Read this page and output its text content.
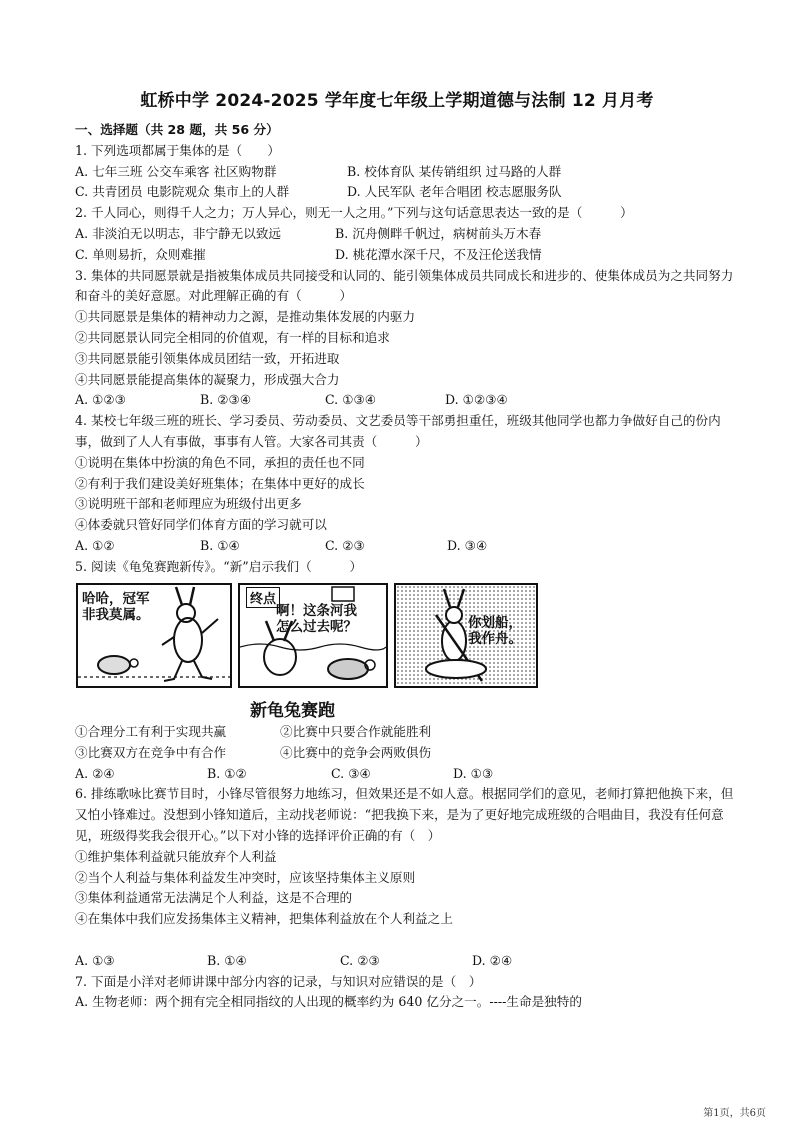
虹桥中学 2024-2025 学年度七年级上学期道德与法制 12 月月考
一、选择题（共 28 题，共 56 分）
1. 下列选项都属于集体的是（　　）
A. 七年三班 公交车乘客 社区购物群	B. 校体育队 某传销组织 过马路的人群
C. 共青团员 电影院观众 集市上的人群	D. 人民军队 老年合唱团 校志愿服务队
2. 千人同心，则得千人之力；万人异心，则无一人之用。”下列与这句话意思表达一致的是（　　　）
A. 非淡泊无以明志，非宁静无以致远	B. 沉舟侧畔千帆过，病树前头万木春
C. 单则易折，众则难摧	D. 桃花潭水深千尺，不及汪伦送我情
3. 集体的共同愿景就是指被集体成员共同接受和认同的、能引领集体成员共同成长和进步的、使集体成员为之共同努力和奋斗的美好意愿。对此理解正确的有（　　　）
①共同愿景是集体的精神动力之源，是推动集体发展的内驱力
②共同愿景认同完全相同的价值观，有一样的目标和追求
③共同愿景能引领集体成员团结一致，开拓进取
④共同愿景能提高集体的凝聚力，形成强大合力
A. ①②③	B. ②③④	C. ①③④	D. ①②③④
4. 某校七年级三班的班长、学习委员、劳动委员、文艺委员等干部勇担重任，班级其他同学也都力争做好自己的份内事，做到了人人有事做，事事有人管。大家各司其责（　　　）
①说明在集体中扮演的角色不同，承担的责任也不同
②有利于我们建设美好班集体；在集体中更好的成长
③说明班干部和老师理应为班级付出更多
④体委就只管好同学们体育方面的学习就可以
A. ①②	B. ①④	C. ②③	D. ③④
5. 阅读《龟兔赛跑新传》。“新”启示我们（　　　）
哈哈，冠军
非我莫属。
终点
啊！这条河我
怎么过去呢？	你划船，
我作舟。
新龟兔赛跑
①合理分工有利于实现共赢	②比赛中只要合作就能胜利
③比赛双方在竞争中有合作	④比赛中的竞争会两败俱伤
A. ②④	B. ①②	C. ③④	D. ①③
6. 排练歌咏比赛节目时，小锋尽管很努力地练习，但效果还是不如人意。根据同学们的意见，老师打算把他换下来，但又怕小锋难过。没想到小锋知道后，主动找老师说：“把我换下来，是为了更好地完成班级的合唱曲目，我没有任何意见，班级得奖我会很开心。”以下对小锋的选择评价正确的有（　）
①维护集体利益就只能放弃个人利益
②当个人利益与集体利益发生冲突时，应该坚持集体主义原则
③集体利益通常无法满足个人利益，这是不合理的
④在集体中我们应发扬集体主义精神，把集体利益放在个人利益之上
A. ①③	B. ①④	C. ②③	D. ②④
7. 下面是小洋对老师讲课中部分内容的记录，与知识对应错误的是（　）
A. 生物老师：两个拥有完全相同指纹的人出现的概率约为 640 亿分之一。----生命是独特的
第1页，共6页
